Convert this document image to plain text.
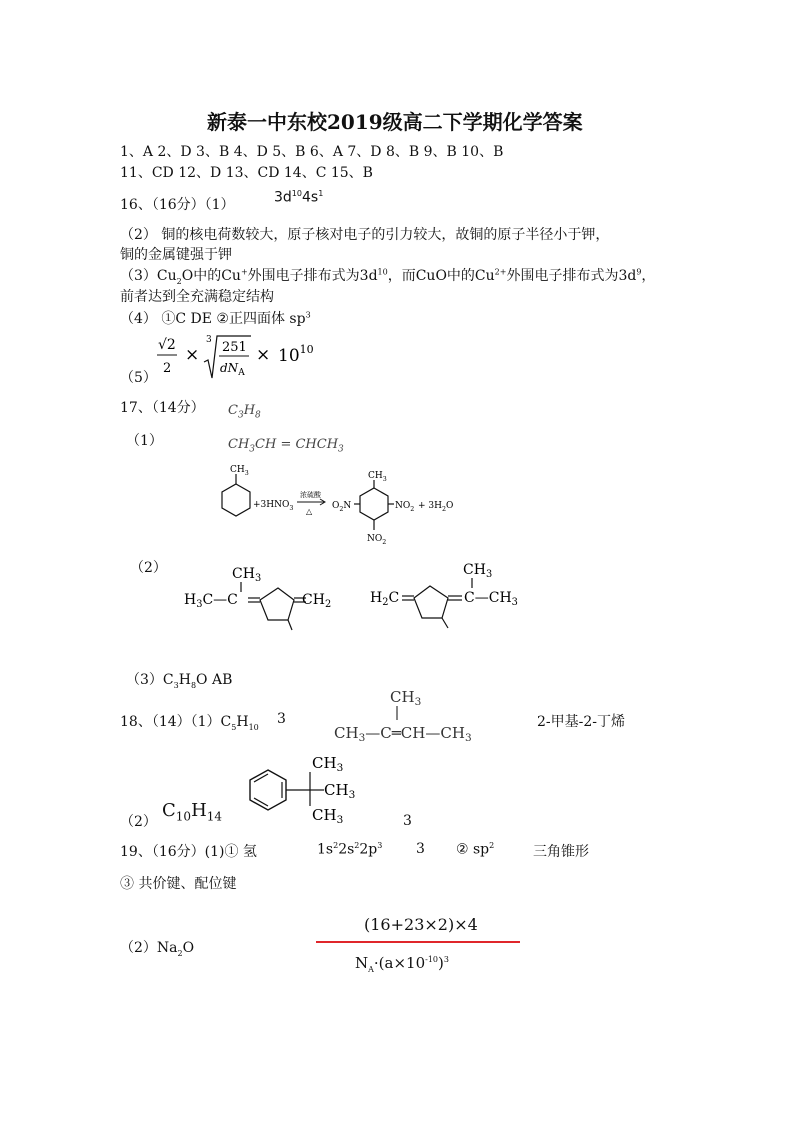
新泰一中东校2019级高二下学期化学答案
1、A 2、D 3、B 4、D 5、B 6、A 7、D 8、B 9、B 10、B
11、CD 12、D 13、CD 14、C 15、B
16、（16分）（1）	$3d^{10}4s^1$
（2） 铜的核电荷数较大，原子核对电子的引力较大，故铜的原子半径小于钾，
铜的金属键强于钾
$(3)Cu_2O$中的Cu+外围电子排布式为$3d^{10}$，而CuO中的$Cu^{2+}$外围电子排布式为$3d^9$，
前者达到全充满稳定结构
（4） ①C DE ②正四面体 $sp^3$
（5）
√2
2
×
3 251
$dN_A$
× $10^{10}$
17、（14分） $C_3H_8$
（1）	$CH_3CH$ = $CHCH_3$
$CH_3$
$+3HNO_3$
浓硫酸
△
$O_2N$
$CH_3$
$NO_2$
$NO_2$
+ $3H_2O$
（2）	$CH_3$
$H_3C—C$	$CH_2$	$H_2C$
$CH_3$
$C—CH_3$
$(3)C_3H_8O$ AB
18、$(14)(1)C_5H_{10}$
3
$CH_3$
$CH_3—C═CH—CH_3$
2-甲基-2-丁烯
（2）
$C_{10}H_{14}$
$CH_3$
$CH_3$
$CH_3$	3
19、（16分）(1)① 氢	$1s^22s^22p^3$ 3 ② $sp^2$	三角锥形
③ 共价键、配位键
$(2)Na_2O$
(16+23×2)×4
$N_A\cdot(a\times 10^{-10})^3$
